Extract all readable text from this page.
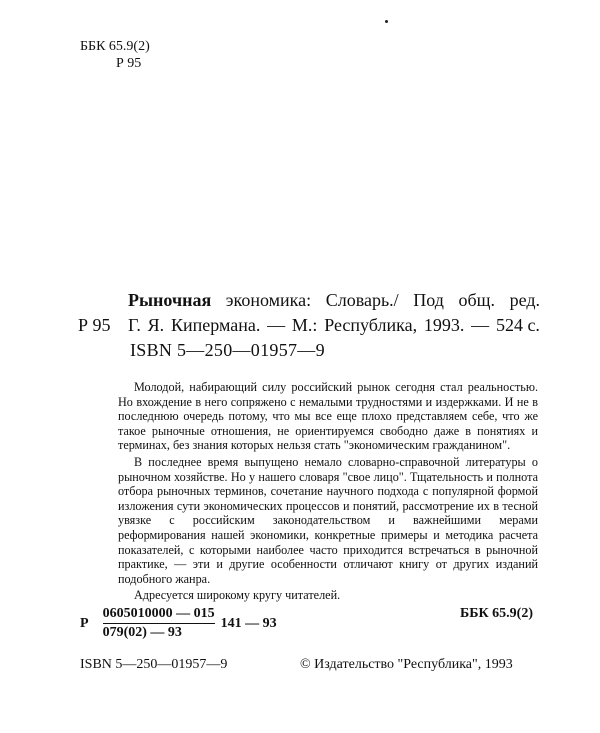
ББК 65.9(2)
Р 95
Рыночная экономика: Словарь./ Под общ. ред.
Р 95 Г. Я. Кипермана. — М.: Республика, 1993. — 524 с.
ISBN 5—250—01957—9

Молодой, набирающий силу российский рынок сегодня стал реальностью. Но вхождение в него сопряжено с немалыми трудностями и издержками. И не в последнюю очередь потому, что мы все еще плохо представляем себе, что же такое рыночные отношения, не ориентируемся свободно даже в понятиях и терминах, без знания которых нельзя стать "экономическим гражданином".

В последнее время выпущено немало словарно-справочной литературы о рыночном хозяйстве. Но у нашего словаря "свое лицо". Тщательность и полнота отбора рыночных терминов, сочетание научного подхода с популярной формой изложения сути экономических процессов и понятий, рассмотрение их в тесной увязке с российским законодательством и важнейшими мерами реформирования нашей экономики, конкретные примеры и методика расчета показателей, с которыми наиболее часто приходится встречаться в рыночной практике, — эти и другие особенности отличают книгу от других изданий подобного жанра.

Адресуется широкому кругу читателей.

Р $\frac{0605010000 — 015}{079(02) — 93} 141$ — 93
ББК 65.9(2)
ISBN 5—250—01957—9	© Издательство "Республика", 1993
